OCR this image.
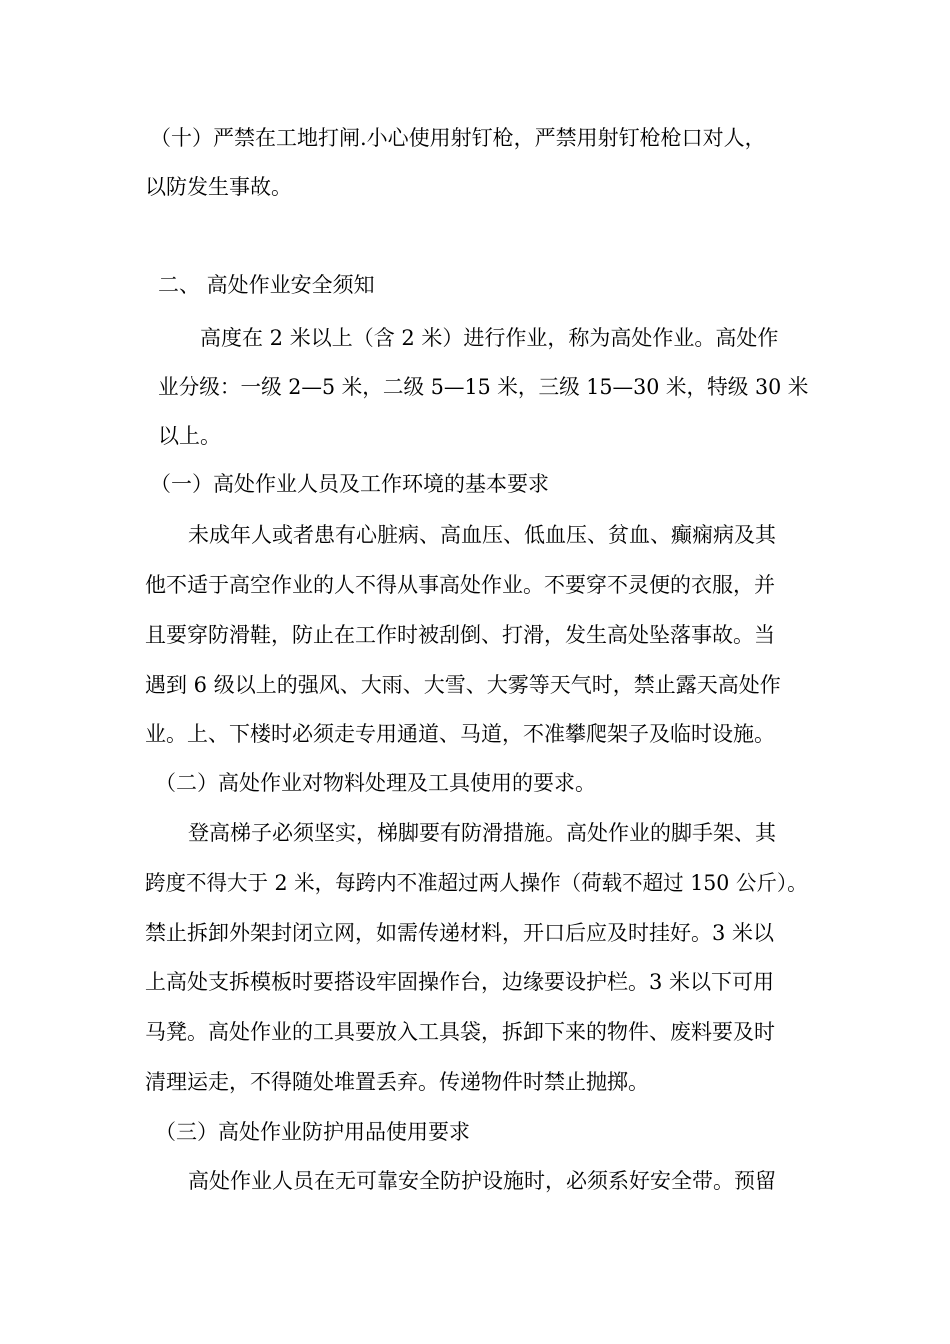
（十）严禁在工地打闸.小心使用射钉枪，严禁用射钉枪枪口对人，
以防发生事故。
二、 高处作业安全须知
高度在 2 米以上（含 2 米）进行作业，称为高处作业。高处作
业分级：一级 2—5 米，二级 5—15 米，三级 15—30 米，特级 30 米
以上。
（一）高处作业人员及工作环境的基本要求
未成年人或者患有心脏病、高血压、低血压、贫血、癫痫病及其
他不适于高空作业的人不得从事高处作业。不要穿不灵便的衣服，并
且要穿防滑鞋，防止在工作时被刮倒、打滑，发生高处坠落事故。当
遇到 6 级以上的强风、大雨、大雪、大雾等天气时，禁止露天高处作
业。上、下楼时必须走专用通道、马道，不准攀爬架子及临时设施。
（二）高处作业对物料处理及工具使用的要求。
登高梯子必须坚实，梯脚要有防滑措施。高处作业的脚手架、其
跨度不得大于 2 米，每跨内不准超过两人操作（荷载不超过 150 公斤）。
禁止拆卸外架封闭立网，如需传递材料，开口后应及时挂好。3 米以
上高处支拆模板时要搭设牢固操作台，边缘要设护栏。3 米以下可用
马凳。高处作业的工具要放入工具袋，拆卸下来的物件、废料要及时
清理运走，不得随处堆置丢弃。传递物件时禁止抛掷。
（三）高处作业防护用品使用要求
高处作业人员在无可靠安全防护设施时，必须系好安全带。预留
